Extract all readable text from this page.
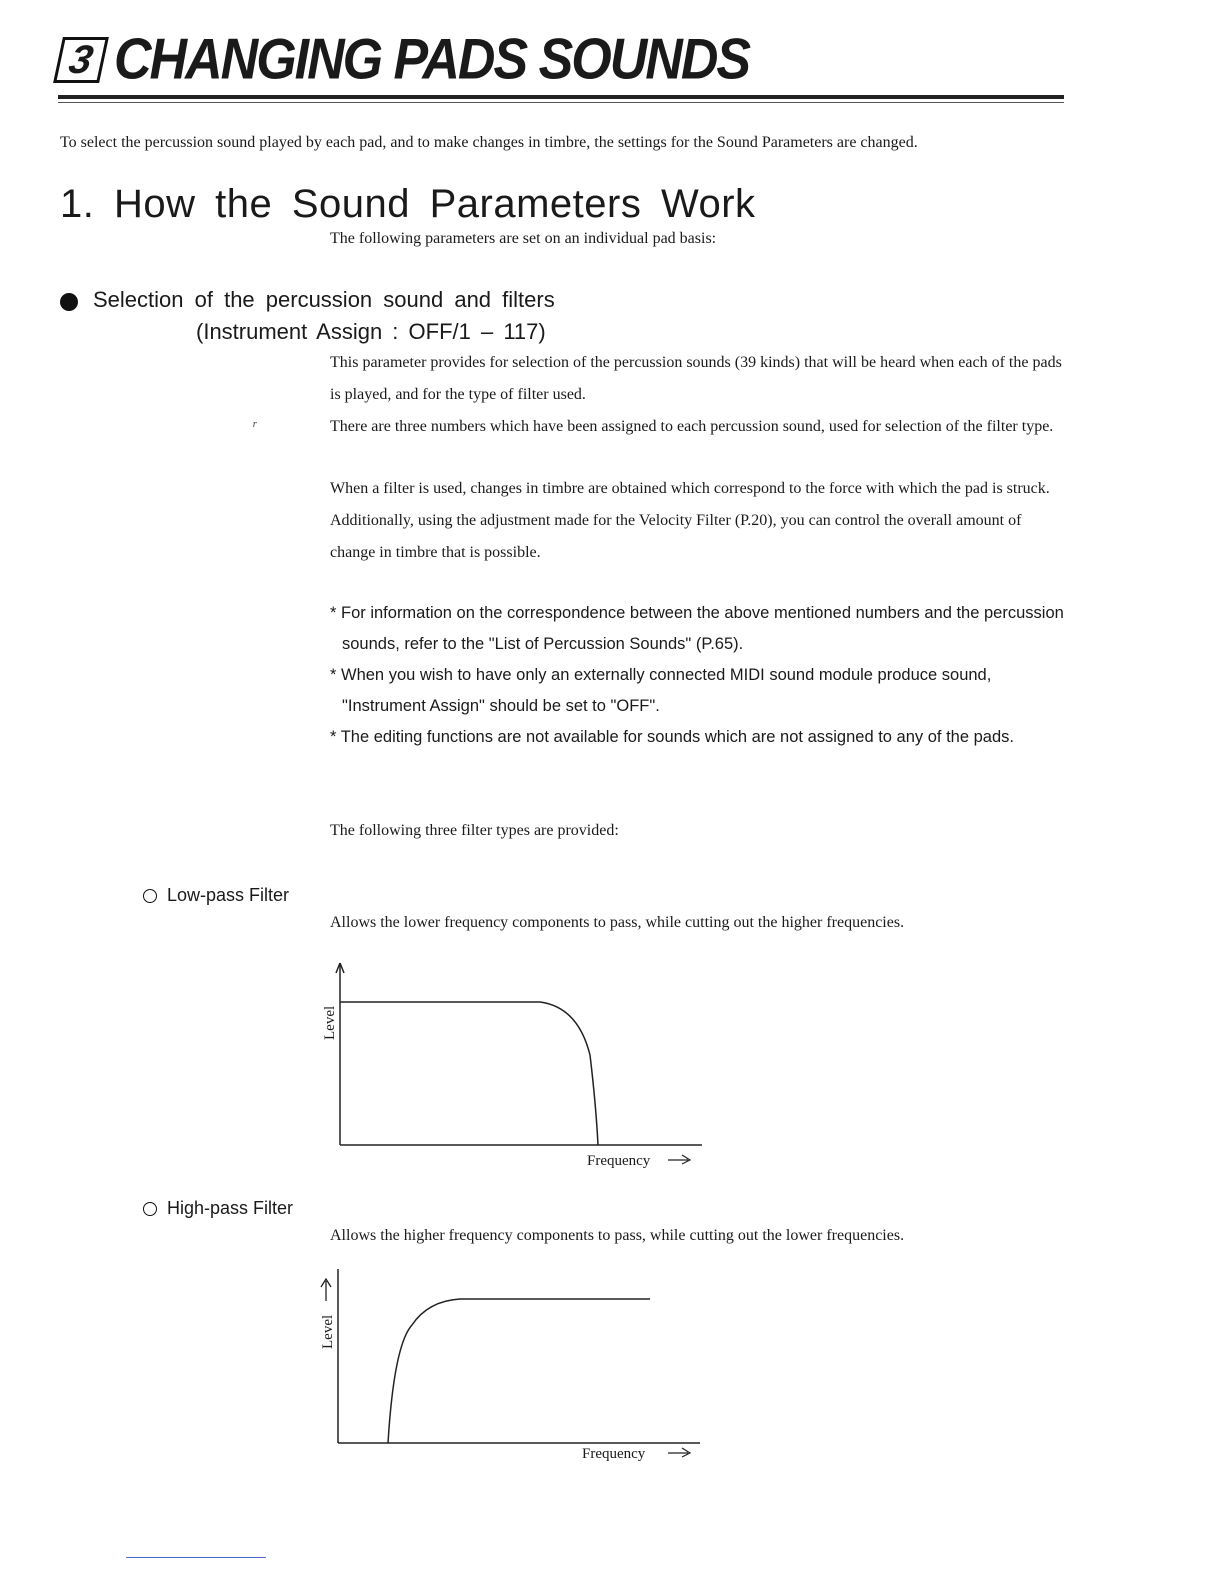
3 CHANGING PADS SOUNDS
To select the percussion sound played by each pad, and to make changes in timbre, the settings for the Sound Parameters are changed.
1. How the Sound Parameters Work
The following parameters are set on an individual pad basis:
Selection of the percussion sound and filters
(Instrument Assign : OFF/1 – 117)
ʳ
This parameter provides for selection of the percussion sounds (39 kinds) that will be heard when each of the pads is played, and for the type of filter used.
There are three numbers which have been assigned to each percussion sound, used for selection of the filter type.
When a filter is used, changes in timbre are obtained which correspond to the force with which the pad is struck. Additionally, using the adjustment made for the Velocity Filter (P.20), you can control the overall amount of change in timbre that is possible.
* For information on the correspondence between the above mentioned numbers and the percussion sounds, refer to the "List of Percussion Sounds" (P.65).
* When you wish to have only an externally connected MIDI sound module produce sound, "Instrument Assign" should be set to "OFF".
* The editing functions are not available for sounds which are not assigned to any of the pads.
The following three filter types are provided:
Low-pass Filter
Allows the lower frequency components to pass, while cutting out the higher frequencies.
Level
Frequency
High-pass Filter
Allows the higher frequency components to pass, while cutting out the lower frequencies.
Level
Frequency
